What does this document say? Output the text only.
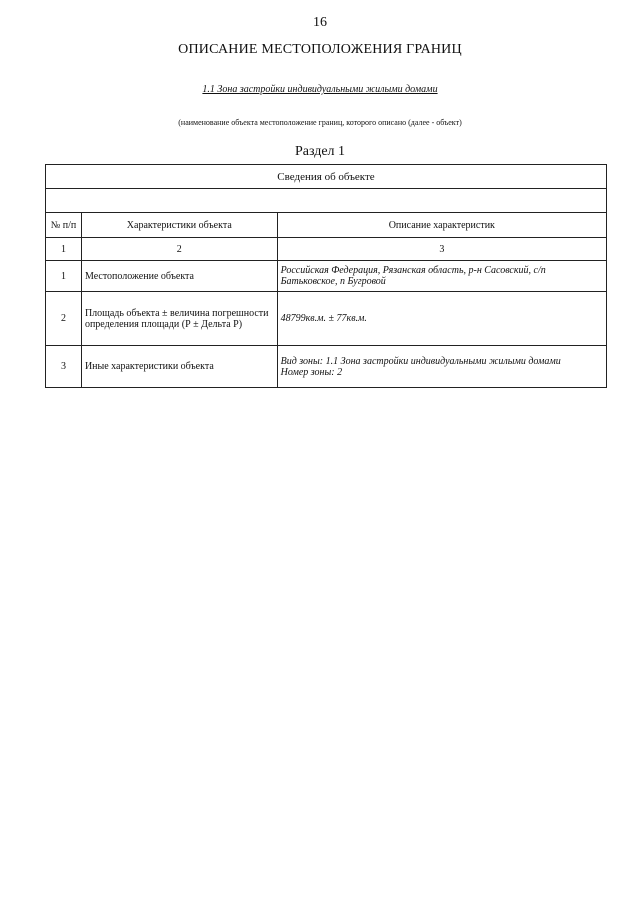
16
ОПИСАНИЕ МЕСТОПОЛОЖЕНИЯ ГРАНИЦ
1.1 Зона застройки индивидуальными жилыми домами
(наименование объекта местоположение границ, которого описано (далее - объект)
Раздел 1
Сведения об объекте		

№ п/п	Характеристики объекта	Описание характеристик
1	2	3
1	Местоположение объекта	Российская Федерация, Рязанская область, р-н Сасовский, с/п Батьковское, п Бугровой

2	Площадь объекта ± величина погрешности определения площади (Р ± Дельта Р)	48799кв.м. ± 77кв.м.

3	Иные характеристики объекта	Вид зоны: 1.1 Зона застройки индивидуальными жилыми домами
Номер зоны: 2
